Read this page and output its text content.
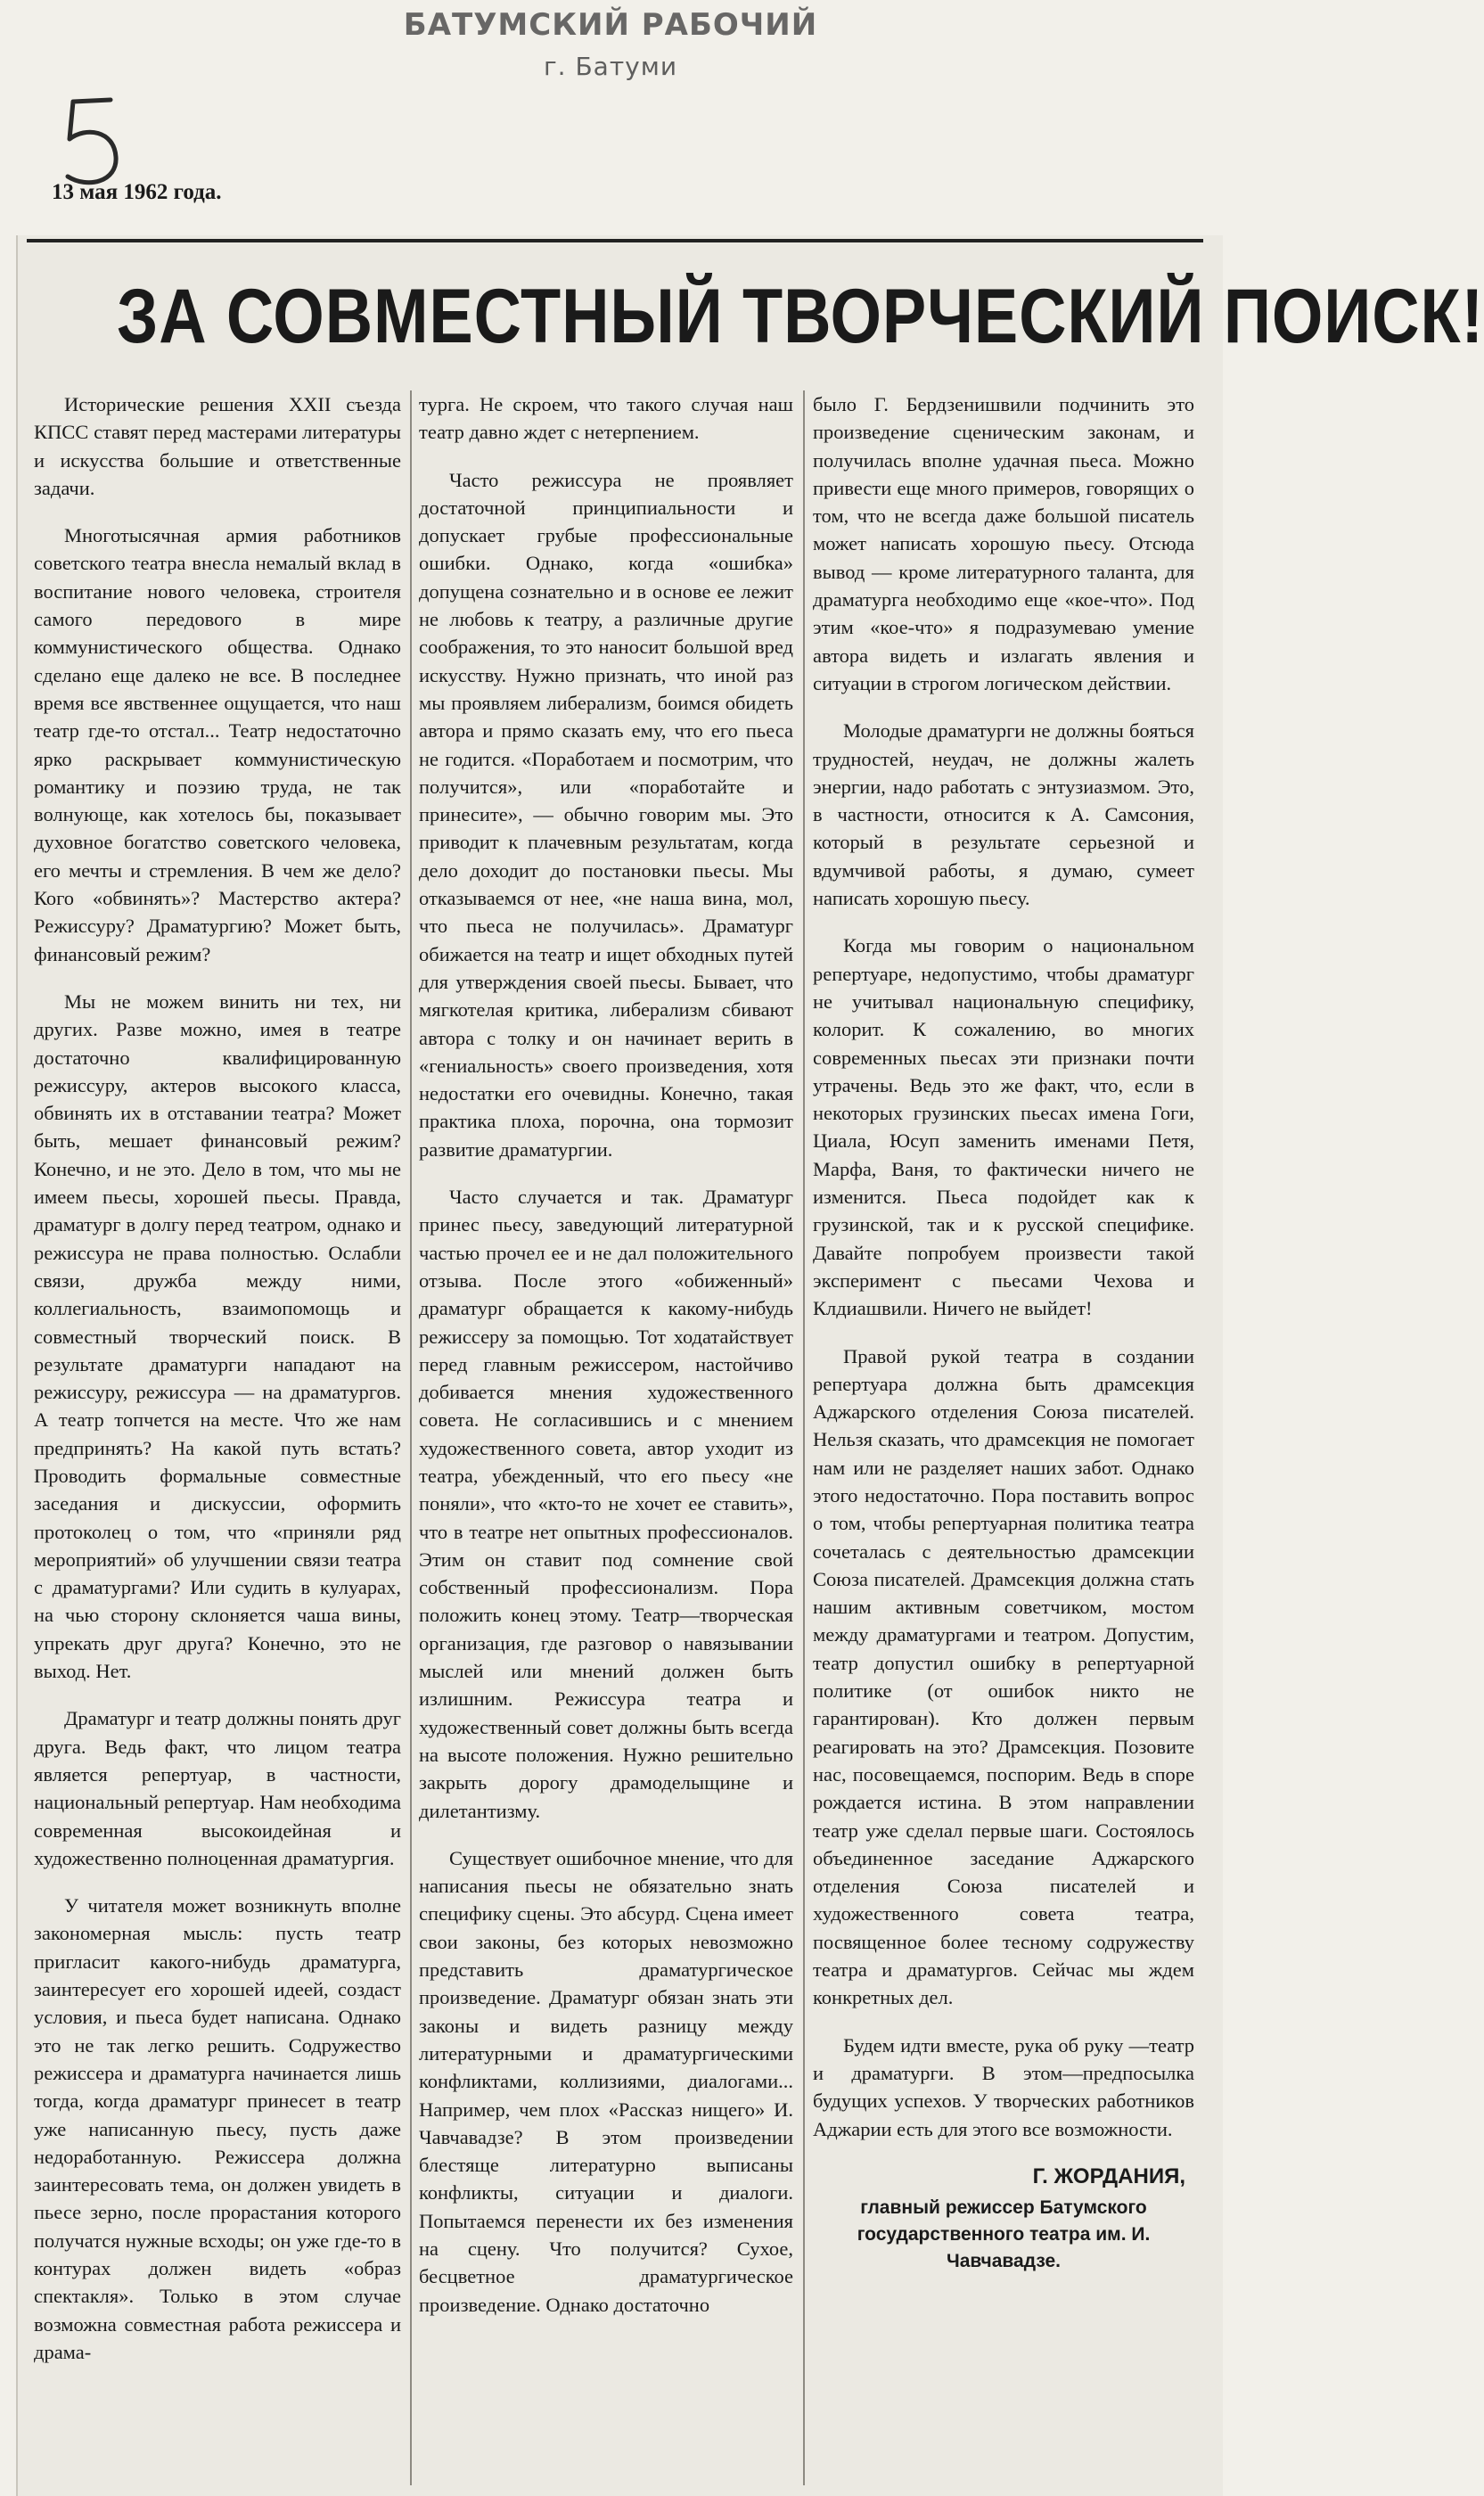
БАТУМСКИЙ РАБОЧИЙ
г. Батуми
13 мая 1962 года.
ЗА СОВМЕСТНЫЙ ТВОРЧЕСКИЙ ПОИСК!

Исторические решения XXII съезда КПСС ставят перед мастерами литературы и искусства большие и ответственные задачи.

Многотысячная армия работников советского театра внесла немалый вклад в воспитание нового человека, строителя самого передового в мире коммунистического общества. Однако сделано еще далеко не все. В последнее время все явственнее ощущается, что наш театр где-то отстал... Театр недостаточно ярко раскрывает коммунистическую романтику и поэзию труда, не так волнующе, как хотелось бы, показывает духовное богатство советского человека, его мечты и стремления. В чем же дело? Кого «обвинять»? Мастерство актера? Режиссуру? Драматургию? Может быть, финансовый режим?

Мы не можем винить ни тех, ни других. Разве можно, имея в театре достаточно квалифицированную режиссуру, актеров высокого класса, обвинять их в отставании театра? Может быть, мешает финансовый режим? Конечно, и не это. Дело в том, что мы не имеем пьесы, хорошей пьесы. Правда, драматург в долгу перед театром, однако и режиссура не права полностью. Ослабли связи, дружба между ними, коллегиальность, взаимопомощь и совместный творческий поиск. В результате драматурги нападают на режиссуру, режиссура — на драматургов. А театр топчется на месте. Что же нам предпринять? На какой путь встать? Проводить формальные совместные заседания и дискуссии, оформить протоколец о том, что «приняли ряд мероприятий» об улучшении связи театра с драматургами? Или судить в кулуарах, на чью сторону склоняется чаша вины, упрекать друг друга? Конечно, это не выход. Нет.

Драматург и театр должны понять друг друга. Ведь факт, что лицом театра является репертуар, в частности, национальный репертуар. Нам необходима современная высокоидейная и художественно полноценная драматургия.

У читателя может возникнуть вполне закономерная мысль: пусть театр пригласит какого-нибудь драматурга, заинтересует его хорошей идеей, создаст условия, и пьеса будет написана. Однако это не так легко решить. Содружество режиссера и драматурга начинается лишь тогда, когда драматург принесет в театр уже написанную пьесу, пусть даже недоработанную. Режиссера должна заинтересовать тема, он должен увидеть в пьесе зерно, после прорастания которого получатся нужные всходы; он уже где-то в контурах должен видеть «образ спектакля». Только в этом случае возможна совместная работа режиссера и драма-

турга. Не скроем, что такого случая наш театр давно ждет с нетерпением.

Часто режиссура не проявляет достаточной принципиальности и допускает грубые профессиональные ошибки. Однако, когда «ошибка» допущена сознательно и в основе ее лежит не любовь к театру, а различные другие соображения, то это наносит большой вред искусству. Нужно признать, что иной раз мы проявляем либерализм, боимся обидеть автора и прямо сказать ему, что его пьеса не годится. «Поработаем и посмотрим, что получится», или «поработайте и принесите», — обычно говорим мы. Это приводит к плачевным результатам, когда дело доходит до постановки пьесы. Мы отказываемся от нее, «не наша вина, мол, что пьеса не получилась». Драматург обижается на театр и ищет обходных путей для утверждения своей пьесы. Бывает, что мягкотелая критика, либерализм сбивают автора с толку и он начинает верить в «гениальность» своего произведения, хотя недостатки его очевидны. Конечно, такая практика плоха, порочна, она тормозит развитие драматургии.

Часто случается и так. Драматург принес пьесу, заведующий литературной частью прочел ее и не дал положительного отзыва. После этого «обиженный» драматург обращается к какому-нибудь режиссеру за помощью. Тот ходатайствует перед главным режиссером, настойчиво добивается мнения художественного совета. Не согласившись и с мнением художественного совета, автор уходит из театра, убежденный, что его пьесу «не поняли», что «кто-то не хочет ее ставить», что в театре нет опытных профессионалов. Этим он ставит под сомнение свой собственный профессионализм. Пора положить конец этому. Театр—творческая организация, где разговор о навязывании мыслей или мнений должен быть излишним. Режиссура театра и художественный совет должны быть всегда на высоте положения. Нужно решительно закрыть дорогу драмоделыщине и дилетантизму.

Существует ошибочное мнение, что для написания пьесы не обязательно знать специфику сцены. Это абсурд. Сцена имеет свои законы, без которых невозможно представить драматургическое произведение. Драматург обязан знать эти законы и видеть разницу между литературными и драматургическими конфликтами, коллизиями, диалогами... Например, чем плох «Рассказ нищего» И. Чавчавадзе? В этом произведении блестяще литературно выписаны конфликты, ситуации и диалоги. Попытаемся перенести их без изменения на сцену. Что получится? Сухое, бесцветное драматургическое произведение. Однако достаточно

было Г. Бердзенишвили подчинить это произведение сценическим законам, и получилась вполне удачная пьеса. Можно привести еще много примеров, говорящих о том, что не всегда даже большой писатель может написать хорошую пьесу. Отсюда вывод — кроме литературного таланта, для драматурга необходимо еще «кое-что». Под этим «кое-что» я подразумеваю умение автора видеть и излагать явления и ситуации в строгом логическом действии.

Молодые драматурги не должны бояться трудностей, неудач, не должны жалеть энергии, надо работать с энтузиазмом. Это, в частности, относится к А. Самсония, который в результате серьезной и вдумчивой работы, я думаю, сумеет написать хорошую пьесу.

Когда мы говорим о национальном репертуаре, недопустимо, чтобы драматург не учитывал национальную специфику, колорит. К сожалению, во многих современных пьесах эти признаки почти утрачены. Ведь это же факт, что, если в некоторых грузинских пьесах имена Гоги, Циала, Юсуп заменить именами Петя, Марфа, Ваня, то фактически ничего не изменится. Пьеса подойдет как к грузинской, так и к русской специфике. Давайте попробуем произвести такой эксперимент с пьесами Чехова и Клдиашвили. Ничего не выйдет!

Правой рукой театра в создании репертуара должна быть драмсекция Аджарского отделения Союза писателей. Нельзя сказать, что драмсекция не помогает нам или не разделяет наших забот. Однако этого недостаточно. Пора поставить вопрос о том, чтобы репертуарная политика театра сочеталась с деятельностью драмсекции Союза писателей. Драмсекция должна стать нашим активным советчиком, мостом между драматургами и театром. Допустим, театр допустил ошибку в репертуарной политике (от ошибок никто не гарантирован). Кто должен первым реагировать на это? Драмсекция. Позовите нас, посовещаемся, поспорим. Ведь в споре рождается истина. В этом направлении театр уже сделал первые шаги. Состоялось объединенное заседание Аджарского отделения Союза писателей и художественного совета театра, посвященное более тесному содружеству театра и драматургов. Сейчас мы ждем конкретных дел.

Будем идти вместе, рука об руку —театр и драматурги. В этом—предпосылка будущих успехов. У творческих работников Аджарии есть для этого все возможности.

Г. ЖОРДАНИЯ,
главный режиссер Батумского государственного театра им. И. Чавчавадзе.
